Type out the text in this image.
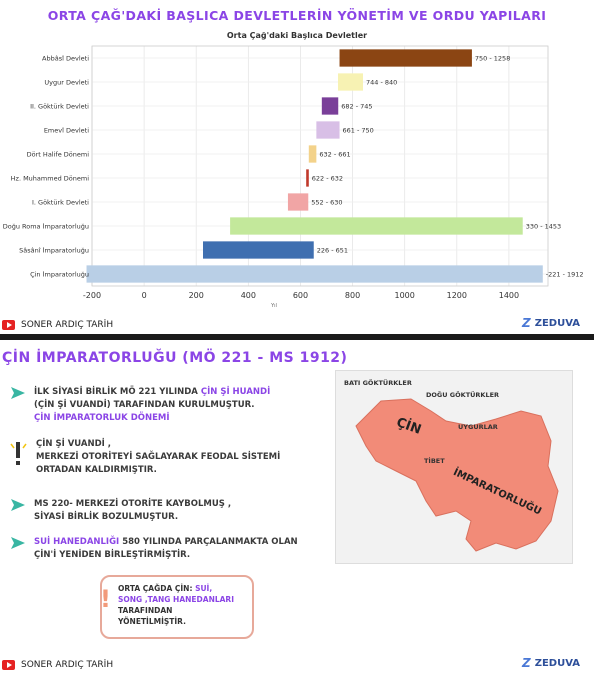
ORTA ÇAĞ'DAKİ BAŞLICA DEVLETLERİN YÖNETİM VE ORDU YAPILARI
Orta Çağ'daki Başlıca Devletler
-200	0	200	400	600	800	1000	1200	1400
750 - 1258
Abbâsî Devleti
744 - 840
Uygur Devleti
682 - 745
II. Göktürk Devleti
661 - 750
Emevî Devleti
632 - 661
Dört Halife Dönemi
622 - 632
Hz. Muhammed Dönemi
552 - 630
I. Göktürk Devleti
330 - 1453
Doğu Roma İmparatorluğu
226 - 651
Sâsânî İmparatorluğu
-221 - 1912
Çin İmparatorluğu
Yıl
SONER ARDIÇ TARİH	Z ZEDUVA
ÇİN İMPARATORLUĞU (MÖ 221 - MS 1912)
İLK SİYASİ BİRLİK MÖ 221 YILINDA ÇİN Şİ HUANDİ
(ÇİN Şİ VUANDİ) TARAFINDAN KURULMUŞTUR.
ÇİN İMPARATORLUK DÖNEMİ
ÇİN Şİ VUANDİ ,
MERKEZİ OTORİTEYİ SAĞLAYARAK FEODAL SİSTEMİ
ORTADAN KALDIRMIŞTIR.
MS 220- MERKEZİ OTORİTE KAYBOLMUŞ ,
SİYASİ BİRLİK BOZULMUŞTUR.
SUİ HANEDANLIĞI 580 YILINDA PARÇALANMAKTA OLAN
ÇİN'İ YENİDEN BİRLEŞTİRMİŞTİR.
! ORTA ÇAĞDA ÇİN: SUİ,
SONG ,TANG HANEDANLARI
TARAFINDAN
YÖNETİLMİŞTİR.
BATI GÖKTÜRKLER
DOĞU GÖKTÜRKLER
UYGURLAR
TİBET
ÇİN
İMPARATORLUĞU
SONER ARDIÇ TARİH	Z ZEDUVA
